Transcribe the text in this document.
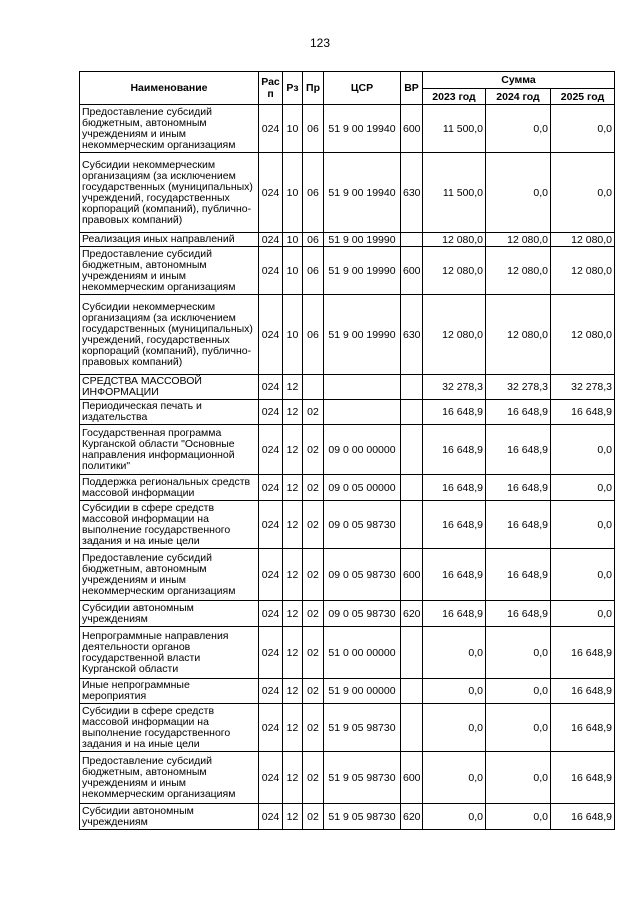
123
Наименование	Рас п	Рз	Пр	ЦСР	ВР	Сумма		
						2023 год	2024 год	2025 год
Предоставление субсидий бюджетным, автономным учреждениям и иным некоммерческим организациям	024	10	06	51 9 00 19940	600	11 500,0	0,0	0,0
Субсидии некоммерческим организациям (за исключением государственных (муниципальных) учреждений, государственных корпораций (компаний), публично-правовых компаний)	024	10	06	51 9 00 19940	630	11 500,0	0,0	0,0
Реализация иных направлений	024	10	06	51 9 00 19990		12 080,0	12 080,0	12 080,0
Предоставление субсидий бюджетным, автономным учреждениям и иным некоммерческим организациям	024	10	06	51 9 00 19990	600	12 080,0	12 080,0	12 080,0
Субсидии некоммерческим организациям (за исключением государственных (муниципальных) учреждений, государственных корпораций (компаний), публично-правовых компаний)	024	10	06	51 9 00 19990	630	12 080,0	12 080,0	12 080,0
СРЕДСТВА МАССОВОЙ ИНФОРМАЦИИ	024	12				32 278,3	32 278,3	32 278,3
Периодическая печать и издательства	024	12	02			16 648,9	16 648,9	16 648,9
Государственная программа Курганской области "Основные направления информационной политики"	024	12	02	09 0 00 00000		16 648,9	16 648,9	0,0
Поддержка региональных средств массовой информации	024	12	02	09 0 05 00000		16 648,9	16 648,9	0,0
Субсидии в сфере средств массовой информации на выполнение государственного задания и на иные цели	024	12	02	09 0 05 98730		16 648,9	16 648,9	0,0
Предоставление субсидий бюджетным, автономным учреждениям и иным некоммерческим организациям	024	12	02	09 0 05 98730	600	16 648,9	16 648,9	0,0
Субсидии автономным учреждениям	024	12	02	09 0 05 98730	620	16 648,9	16 648,9	0,0
Непрограммные направления деятельности органов государственной власти Курганской области	024	12	02	51 0 00 00000		0,0	0,0	16 648,9
Иные непрограммные мероприятия	024	12	02	51 9 00 00000		0,0	0,0	16 648,9
Субсидии в сфере средств массовой информации на выполнение государственного задания и на иные цели	024	12	02	51 9 05 98730		0,0	0,0	16 648,9
Предоставление субсидий бюджетным, автономным учреждениям и иным некоммерческим организациям	024	12	02	51 9 05 98730	600	0,0	0,0	16 648,9
Субсидии автономным учреждениям	024	12	02	51 9 05 98730	620	0,0	0,0	16 648,9
